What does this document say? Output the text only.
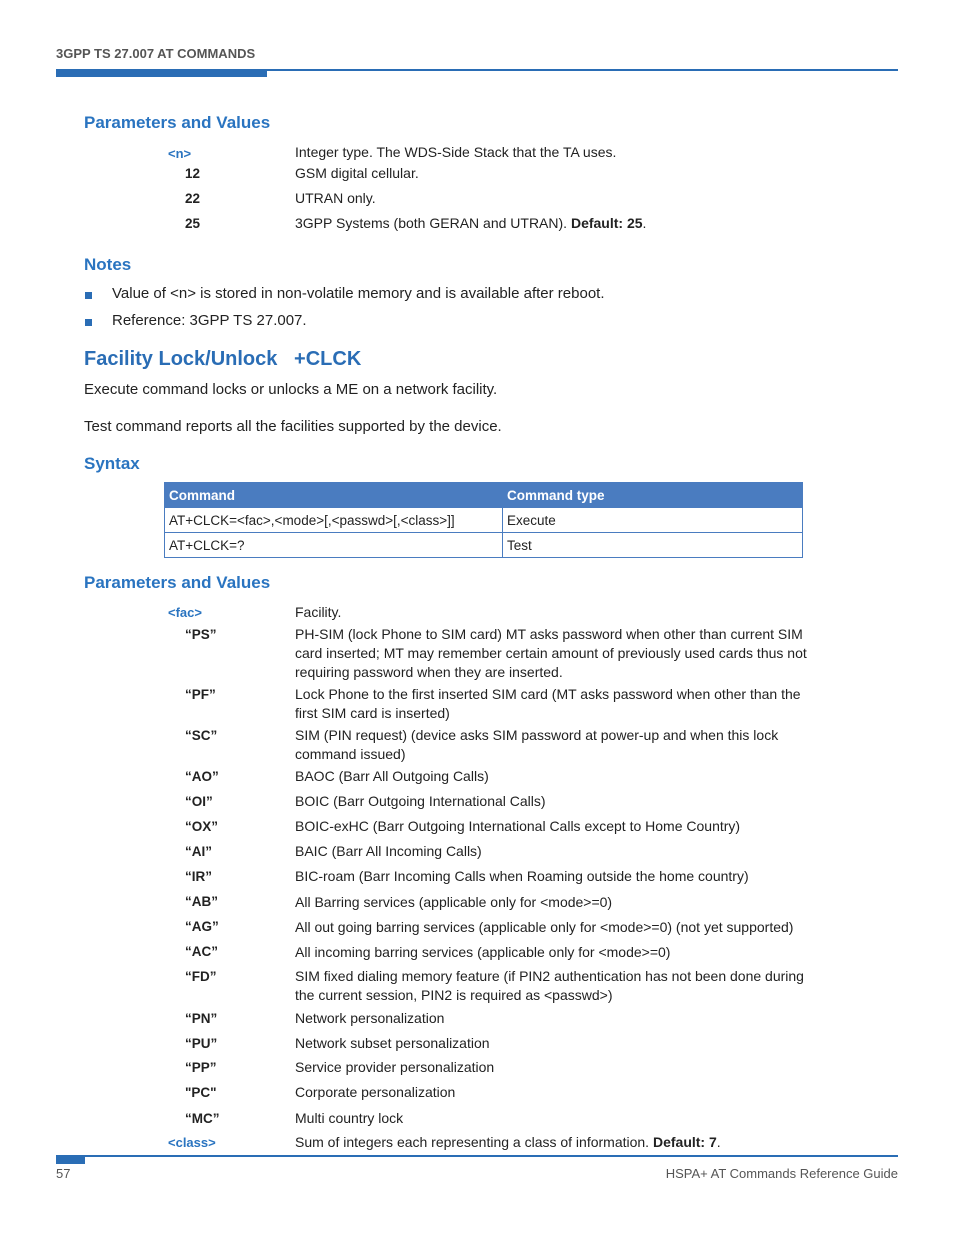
3GPP TS 27.007 AT COMMANDS
Parameters and Values
<n>	Integer type. The WDS-Side Stack that the TA uses.
12	GSM digital cellular.
22	UTRAN only.
25	3GPP Systems (both GERAN and UTRAN). Default: 25.
Notes
Value of <n> is stored in non-volatile memory and is available after reboot.
Reference: 3GPP TS 27.007.
Facility Lock/Unlock   +CLCK
Execute command locks or unlocks a ME on a network facility.
Test command reports all the facilities supported by the device.
Syntax
Command	Command type
AT+CLCK=<fac>,<mode>[,<passwd>[,<class>]]	Execute
AT+CLCK=?	Test
Parameters and Values
<fac>	Facility.
“PS”	PH-SIM (lock Phone to SIM card) MT asks password when other than current SIM card inserted; MT may remember certain amount of previously used cards thus not requiring password when they are inserted.
“PF”	Lock Phone to the first inserted SIM card (MT asks password when other than the first SIM card is inserted)
“SC”	SIM (PIN request) (device asks SIM password at power-up and when this lock command issued)
“AO”	BAOC (Barr All Outgoing Calls)
“OI”	BOIC (Barr Outgoing International Calls)
“OX”	BOIC-exHC (Barr Outgoing International Calls except to Home Country)
“AI”	BAIC (Barr All Incoming Calls)
“IR”	BIC-roam (Barr Incoming Calls when Roaming outside the home country)
“AB”	All Barring services (applicable only for <mode>=0)
“AG”	All out going barring services (applicable only for <mode>=0) (not yet supported)
“AC”	All incoming barring services (applicable only for <mode>=0)
“FD”	SIM fixed dialing memory feature (if PIN2 authentication has not been done during the current session, PIN2 is required as <passwd>)
“PN”	Network personalization
“PU”	Network subset personalization
“PP”	Service provider personalization
"PC"	Corporate personalization
“MC”	Multi country lock
<class>	Sum of integers each representing a class of information. Default: 7.
57	HSPA+ AT Commands Reference Guide
